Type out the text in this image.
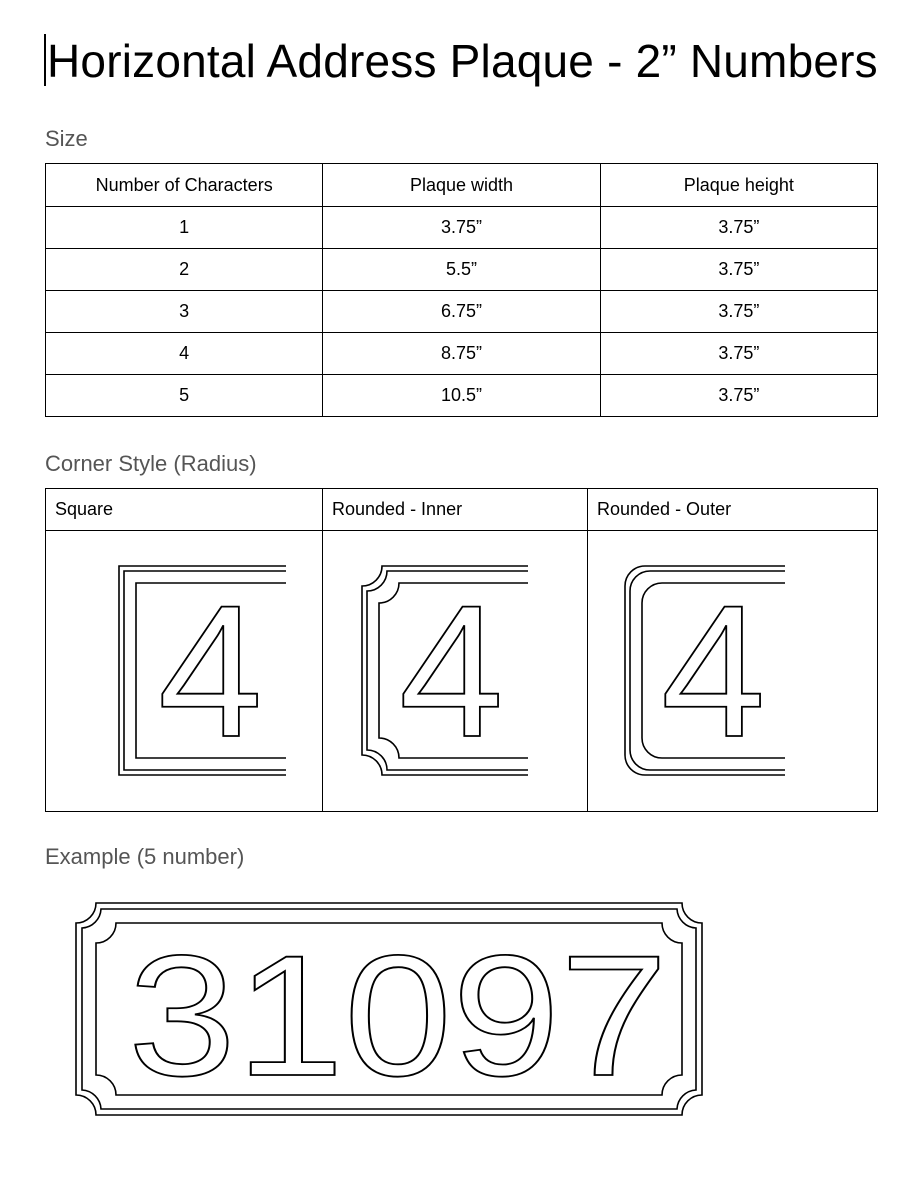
Horizontal Address Plaque - 2” Numbers
Size
Number of Characters	Plaque width	Plaque height
1	3.75”	3.75”
2	5.5”	3.75”
3	6.75”	3.75”
4	8.75”	3.75”
5	10.5”	3.75”
Corner Style (Radius)
Square	Rounded - Inner	Rounded - Outer

4	4	4
Example (5 number)
31097
